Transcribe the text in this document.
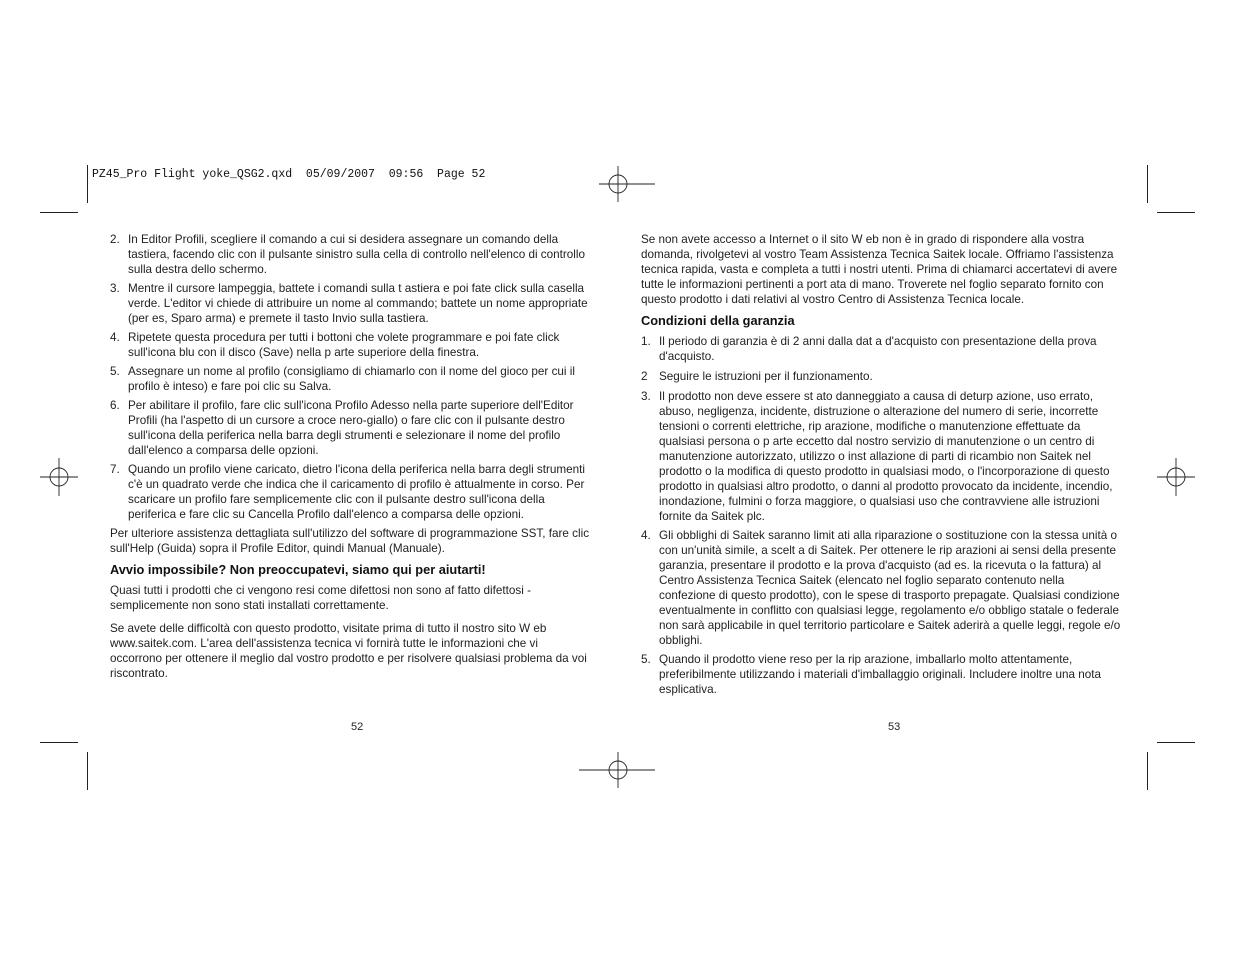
PZ45_Pro Flight yoke_QSG2.qxd  05/09/2007  09:56  Page 52
2. In Editor Profili, scegliere il comando a cui si desidera assegnare un comando della tastiera, facendo clic con il pulsante sinistro sulla cella di controllo nell'elenco di controllo sulla destra dello schermo.
3. Mentre il cursore lampeggia, battete i comandi sulla t astiera e poi fate click sulla casella verde. L'editor vi chiede di attribuire un nome al commando; battete un nome appropriate (per es, Sparo arma) e premete il tasto Invio sulla tastiera.
4. Ripetete questa procedura per tutti i bottoni che volete programmare e poi fate click sull'icona blu con il disco (Save) nella p arte superiore della finestra.
5. Assegnare un nome al profilo (consigliamo di chiamarlo con il nome del gioco per cui il profilo è inteso) e fare poi clic su Salva.
6. Per abilitare il profilo, fare clic sull'icona Profilo Adesso nella parte superiore dell'Editor Profili (ha l'aspetto di un cursore a croce nero-giallo) o fare clic con il pulsante destro sull'icona della periferica nella barra degli strumenti e selezionare il nome del profilo dall'elenco a comparsa delle opzioni.
7. Quando un profilo viene caricato, dietro l'icona della periferica nella barra degli strumenti c'è un quadrato verde che indica che il caricamento di profilo è attualmente in corso. Per scaricare un profilo fare semplicemente clic con il pulsante destro sull'icona della periferica e fare clic su Cancella Profilo dall'elenco a comparsa delle opzioni.

Per ulteriore assistenza dettagliata sull'utilizzo del software di programmazione SST, fare clic sull'Help (Guida) sopra il Profile Editor, quindi Manual (Manuale).

Avvio impossibile? Non preoccupatevi, siamo qui per aiutarti!

Quasi tutti i prodotti che ci vengono resi come difettosi non sono af fatto difettosi - semplicemente non sono stati installati correttamente.

Se avete delle difficoltà con questo prodotto, visitate prima di tutto il nostro sito W eb www.saitek.com. L'area dell'assistenza tecnica vi fornirà tutte le informazioni che vi occorrono per ottenere il meglio dal vostro prodotto e per risolvere qualsiasi problema da voi riscontrato.

Se non avete accesso a Internet o il sito W eb non è in grado di rispondere alla vostra domanda, rivolgetevi al vostro Team Assistenza Tecnica Saitek locale. Offriamo l'assistenza tecnica rapida, vasta e completa a tutti i nostri utenti. Prima di chiamarci accertatevi di avere tutte le informazioni pertinenti a port ata di mano. Troverete nel foglio separato fornito con questo prodotto i dati relativi al vostro Centro di Assistenza Tecnica locale.

Condizioni della garanzia
1. Il periodo di garanzia è di 2 anni dalla dat a d'acquisto con presentazione della prova d'acquisto.
2 Seguire le istruzioni per il funzionamento.
3. Il prodotto non deve essere st ato danneggiato a causa di deturp azione, uso errato, abuso, negligenza, incidente, distruzione o alterazione del numero di serie, incorrette tensioni o correnti elettriche, rip arazione, modifiche o manutenzione effettuate da qualsiasi persona o p arte eccetto dal nostro servizio di manutenzione o un centro di manutenzione autorizzato, utilizzo o inst allazione di parti di ricambio non Saitek nel prodotto o la modifica di questo prodotto in qualsiasi modo, o l'incorporazione di questo prodotto in qualsiasi altro prodotto, o danni al prodotto provocato da incidente, incendio, inondazione, fulmini o forza maggiore, o qualsiasi uso che contravviene alle istruzioni fornite da Saitek plc.
4. Gli obblighi di Saitek saranno limit ati alla riparazione o sostituzione con la stessa unità o con un'unità simile, a scelt a di Saitek. Per ottenere le rip arazioni ai sensi della presente garanzia, presentare il prodotto e la prova d'acquisto (ad es. la ricevuta o la fattura) al Centro Assistenza Tecnica Saitek (elencato nel foglio separato contenuto nella confezione di questo prodotto), con le spese di trasporto prepagate. Qualsiasi condizione eventualmente in conflitto con qualsiasi legge, regolamento e/o obbligo statale o federale non sarà applicabile in quel territorio particolare e Saitek aderirà a quelle leggi, regole e/o obblighi.
5. Quando il prodotto viene reso per la rip arazione, imballarlo molto attentamente, preferibilmente utilizzando i materiali d'imballaggio originali. Includere inoltre una nota esplicativa.
52	53
